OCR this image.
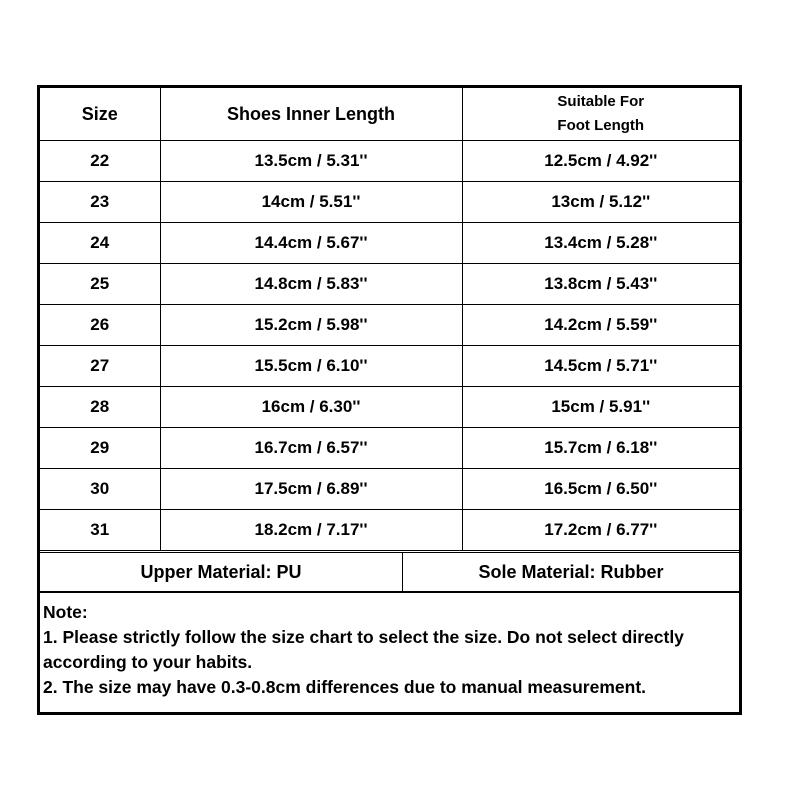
Size	Shoes Inner Length	Suitable For
Foot Length

22	13.5cm / 5.31''	12.5cm / 4.92''
23	14cm / 5.51''	13cm / 5.12''
24	14.4cm / 5.67''	13.4cm / 5.28''
25	14.8cm / 5.83''	13.8cm / 5.43''
26	15.2cm / 5.98''	14.2cm / 5.59''
27	15.5cm / 6.10''	14.5cm / 5.71''
28	16cm / 6.30''	15cm / 5.91''
29	16.7cm / 6.57''	15.7cm / 6.18''
30	17.5cm / 6.89''	16.5cm / 6.50''
31	18.2cm / 7.17''	17.2cm / 6.77''
Upper Material: PU	Sole Material: Rubber
Note:
1. Please strictly follow the size chart to select the size. Do not select directly
according to your habits.
2. The size may have 0.3-0.8cm differences due to manual measurement.
